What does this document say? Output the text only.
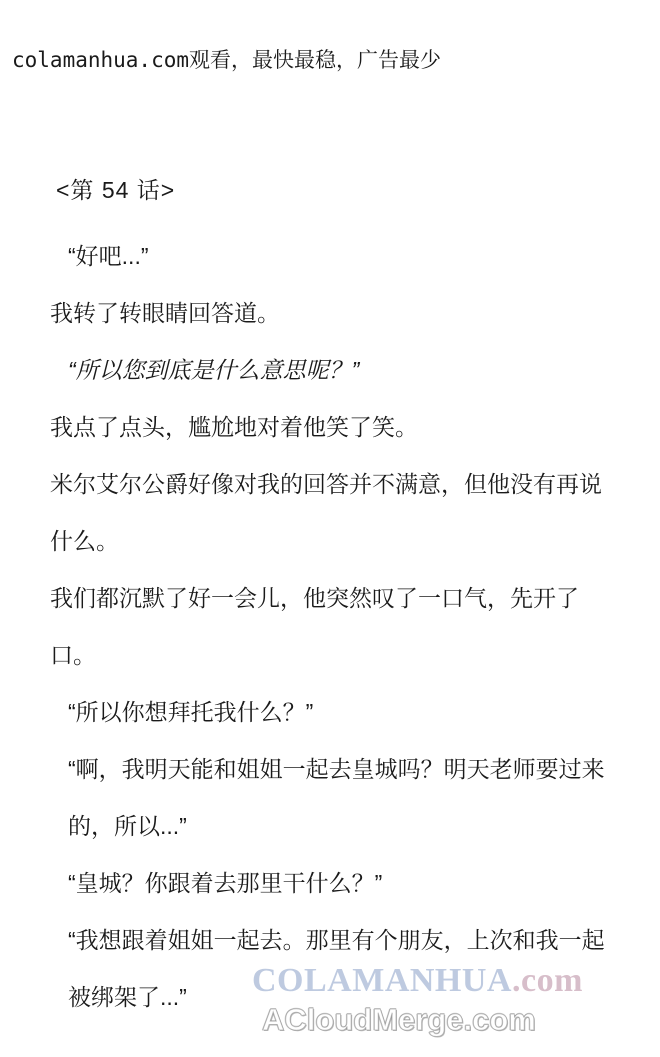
colamanhua.com观看，最快最稳，广告最少
<第 54 话>

“好吧...”

我转了转眼睛回答道。

“所以您到底是什么意思呢？”

我点了点头，尴尬地对着他笑了笑。

米尔艾尔公爵好像对我的回答并不满意，但他没有再说什么。

我们都沉默了好一会儿，他突然叹了一口气，先开了口。

“所以你想拜托我什么？”

“啊，我明天能和姐姐一起去皇城吗？明天老师要过来的，所以...”

“皇城？你跟着去那里干什么？”

“我想跟着姐姐一起去。那里有个朋友，上次和我一起被绑架了...”	COLAMANHUA.com
ACloudMerge.com
